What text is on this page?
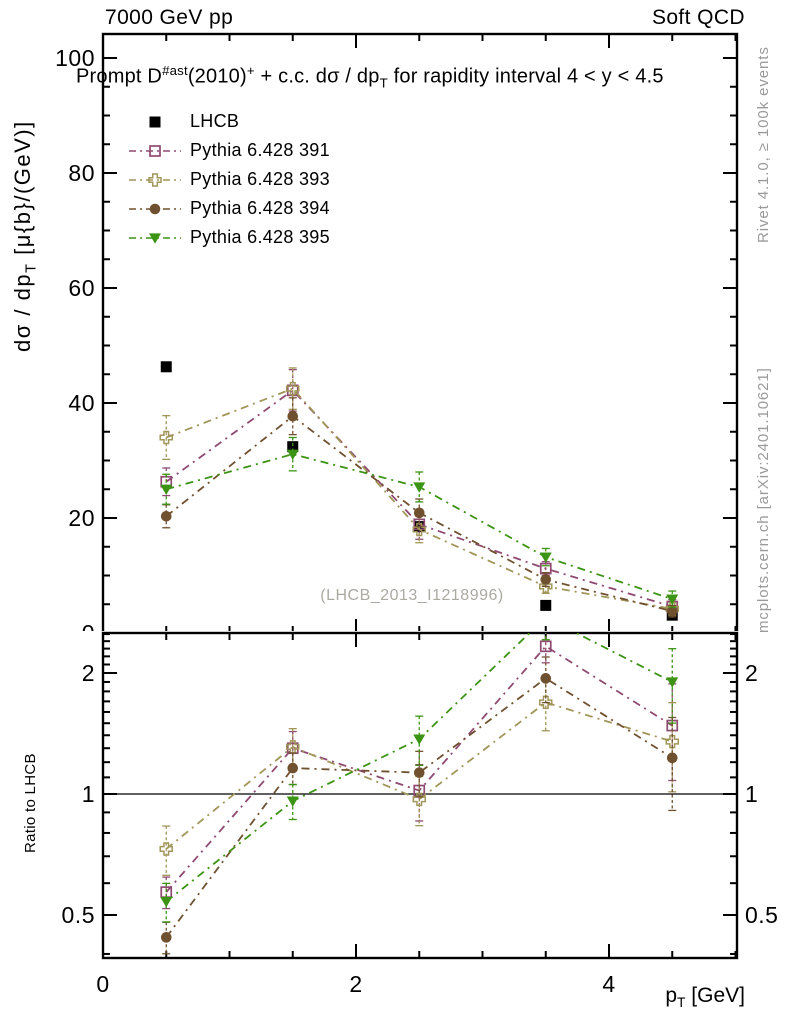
20
40
60
80
100
0.5	0.5
1	1
2	2
0	2	4
7000 GeV pp	Soft QCD
Prompt $D^{\#ast}(2010)^+ + c.c$. dσ / $dp_T$ for rapidity interval 4 < y < 4.5
dσ / $dp_T$ [μ{b}/(GeV)]
Ratio to LHCB
$p_T$ [GeV]
(LHCB_2013_I1218996)
Rivet 4.1.0, ≥ 100k events
mcplots.cern.ch [arXiv:2401.10621]
LHCB
Pythia 6.428 391
Pythia 6.428 393
Pythia 6.428 394
Pythia 6.428 395
